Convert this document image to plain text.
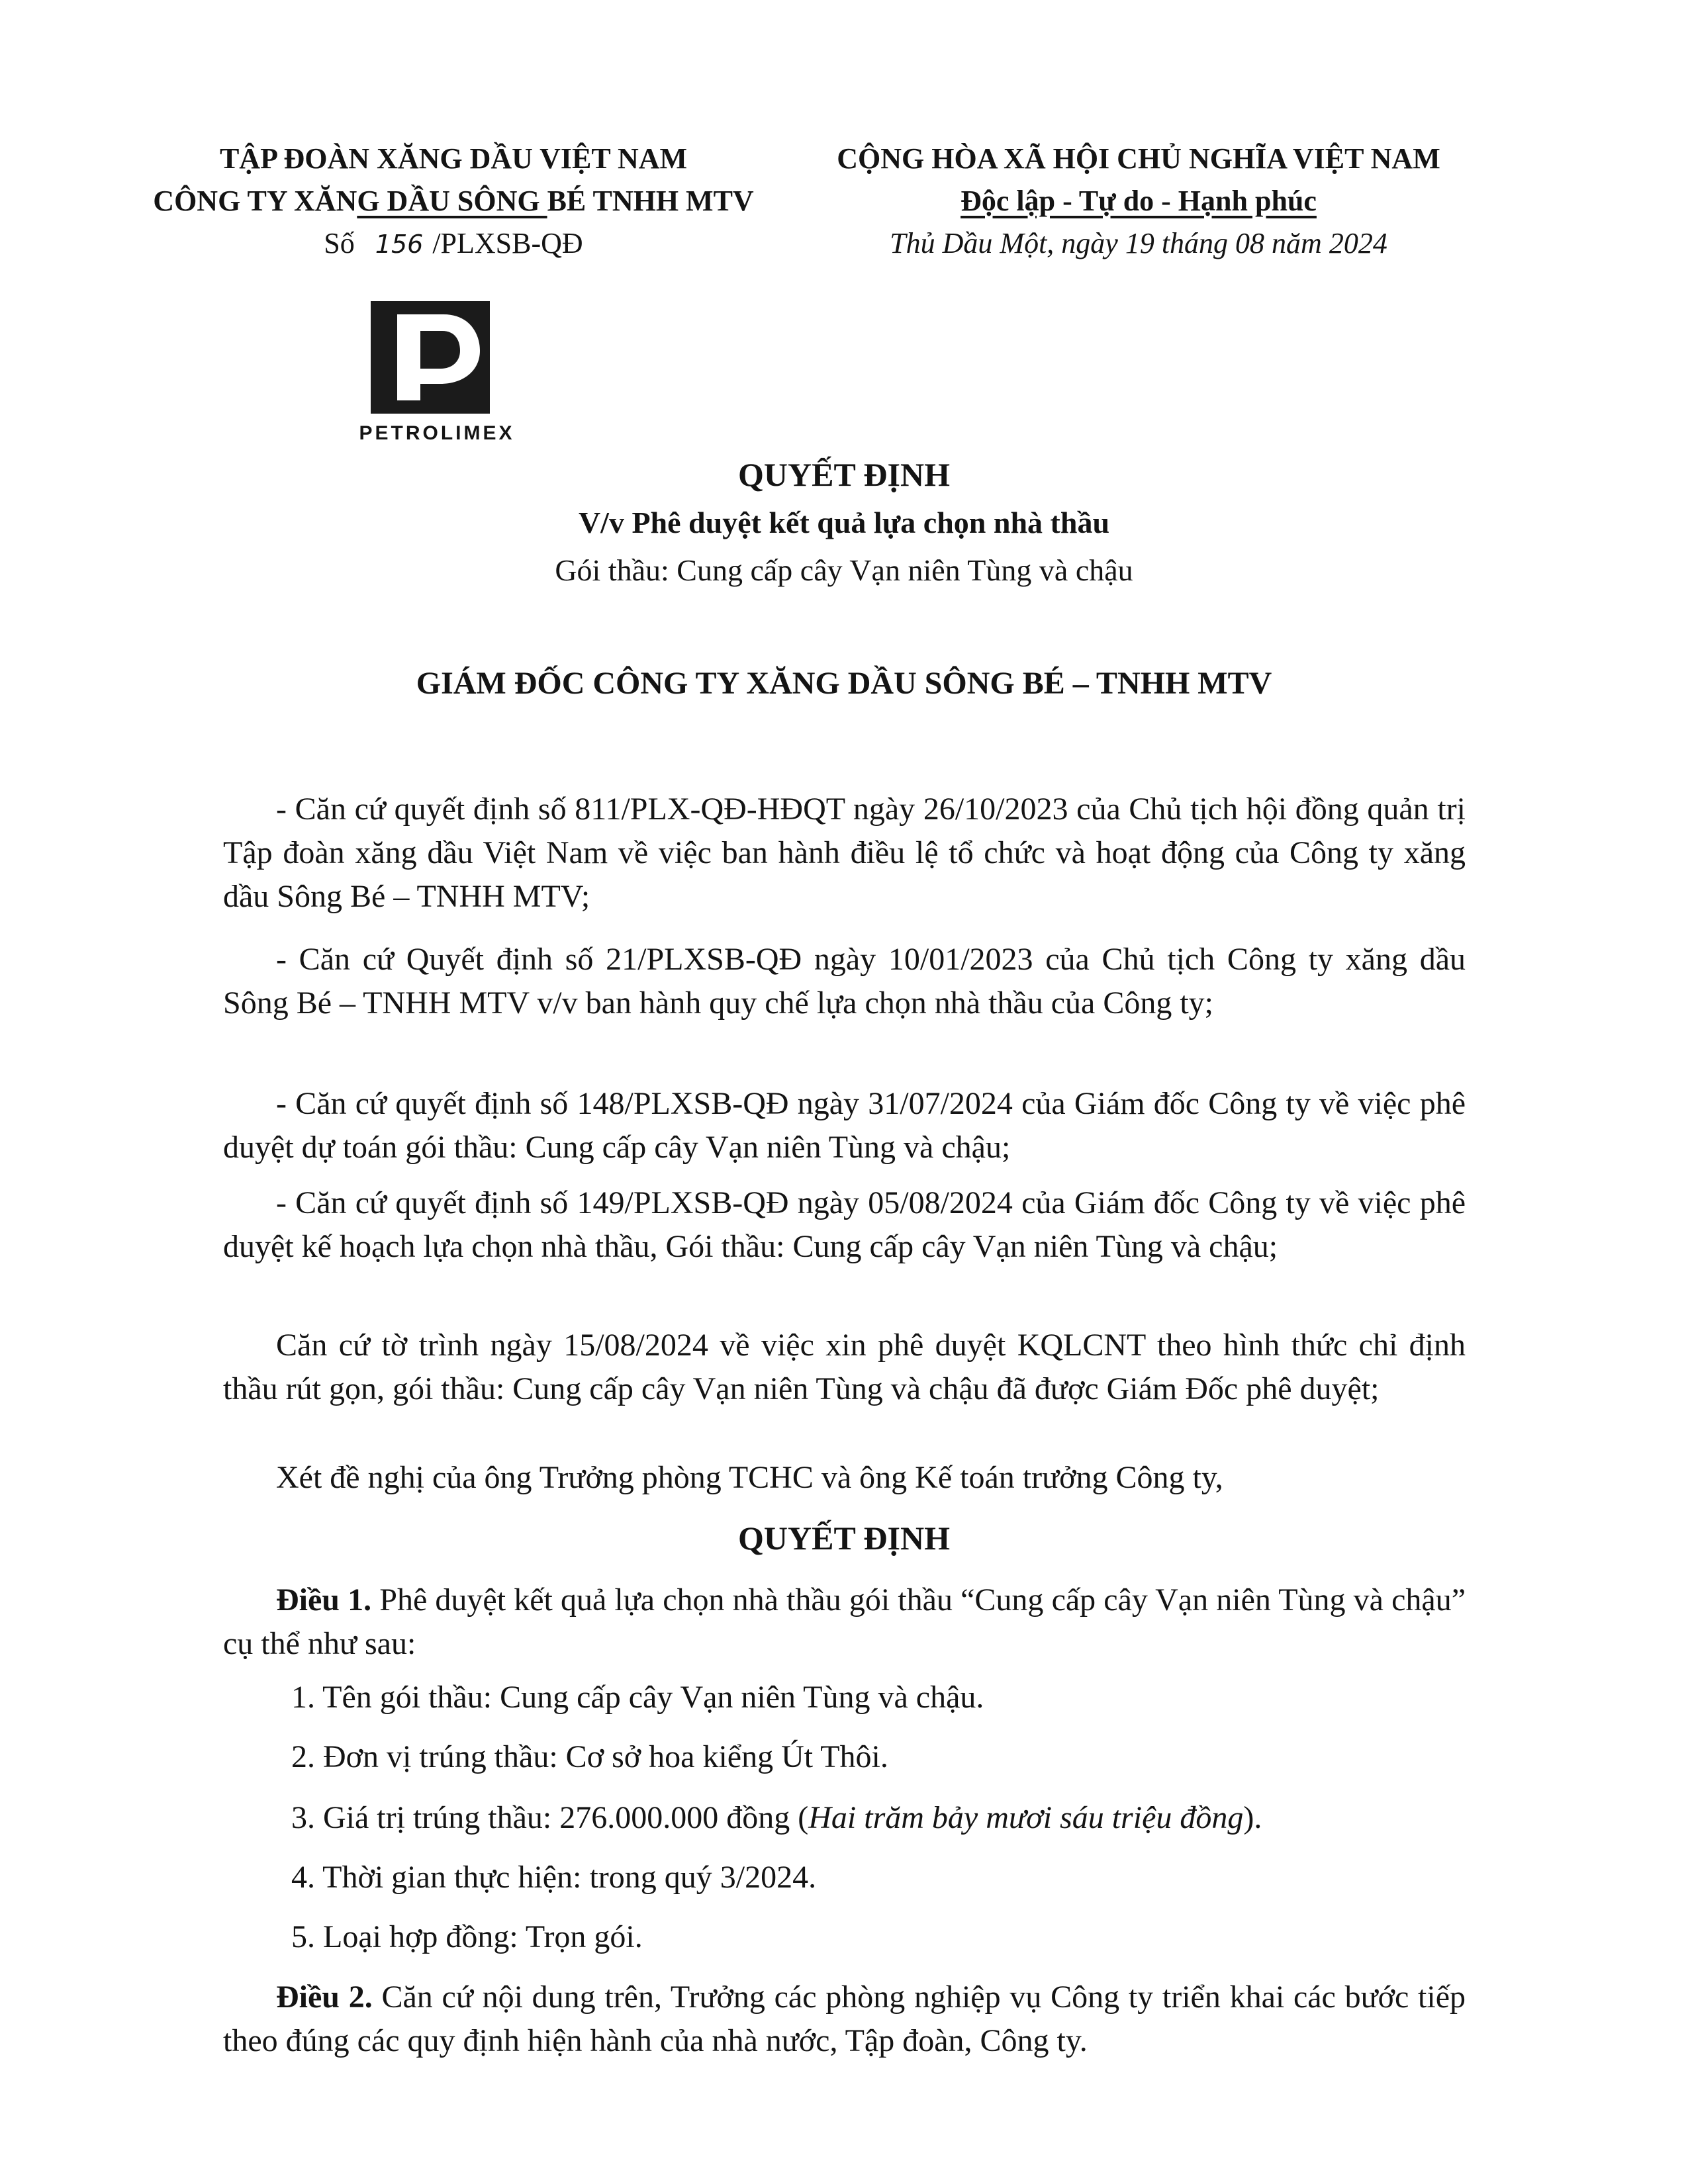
TẬP ĐOÀN XĂNG DẦU VIỆT NAM
CÔNG TY XĂNG DẦU SÔNG BÉ TNHH MTV
Số 156 /PLXSB-QĐ
CỘNG HÒA XÃ HỘI CHỦ NGHĨA VIỆT NAM
Độc lập - Tự do - Hạnh phúc
Thủ Dầu Một, ngày 19 tháng 08 năm 2024
PETROLIMEX
QUYẾT ĐỊNH
V/v Phê duyệt kết quả lựa chọn nhà thầu
Gói thầu: Cung cấp cây Vạn niên Tùng và chậu
GIÁM ĐỐC CÔNG TY XĂNG DẦU SÔNG BÉ – TNHH MTV

- Căn cứ quyết định số 811/PLX-QĐ-HĐQT ngày 26/10/2023 của Chủ tịch hội đồng quản trị Tập đoàn xăng dầu Việt Nam về việc ban hành điều lệ tổ chức và hoạt động của Công ty xăng dầu Sông Bé – TNHH MTV;

- Căn cứ Quyết định số 21/PLXSB-QĐ ngày 10/01/2023 của Chủ tịch Công ty xăng dầu Sông Bé – TNHH MTV v/v ban hành quy chế lựa chọn nhà thầu của Công ty;

- Căn cứ quyết định số 148/PLXSB-QĐ ngày 31/07/2024 của Giám đốc Công ty về việc phê duyệt dự toán gói thầu: Cung cấp cây Vạn niên Tùng và chậu;

- Căn cứ quyết định số 149/PLXSB-QĐ ngày 05/08/2024 của Giám đốc Công ty về việc phê duyệt kế hoạch lựa chọn nhà thầu, Gói thầu: Cung cấp cây Vạn niên Tùng và chậu;

Căn cứ tờ trình ngày 15/08/2024 về việc xin phê duyệt KQLCNT theo hình thức chỉ định thầu rút gọn, gói thầu: Cung cấp cây Vạn niên Tùng và chậu đã được Giám Đốc phê duyệt;

Xét đề nghị của ông Trưởng phòng TCHC và ông Kế toán trưởng Công ty,

QUYẾT ĐỊNH

Điều 1. Phê duyệt kết quả lựa chọn nhà thầu gói thầu “Cung cấp cây Vạn niên Tùng và chậu” cụ thể như sau:

1. Tên gói thầu: Cung cấp cây Vạn niên Tùng và chậu.
2. Đơn vị trúng thầu: Cơ sở hoa kiểng Út Thôi.
3. Giá trị trúng thầu: 276.000.000 đồng (Hai trăm bảy mươi sáu triệu đồng).
4. Thời gian thực hiện: trong quý 3/2024.
5. Loại hợp đồng: Trọn gói.

Điều 2. Căn cứ nội dung trên, Trưởng các phòng nghiệp vụ Công ty triển khai các bước tiếp theo đúng các quy định hiện hành của nhà nước, Tập đoàn, Công ty.
